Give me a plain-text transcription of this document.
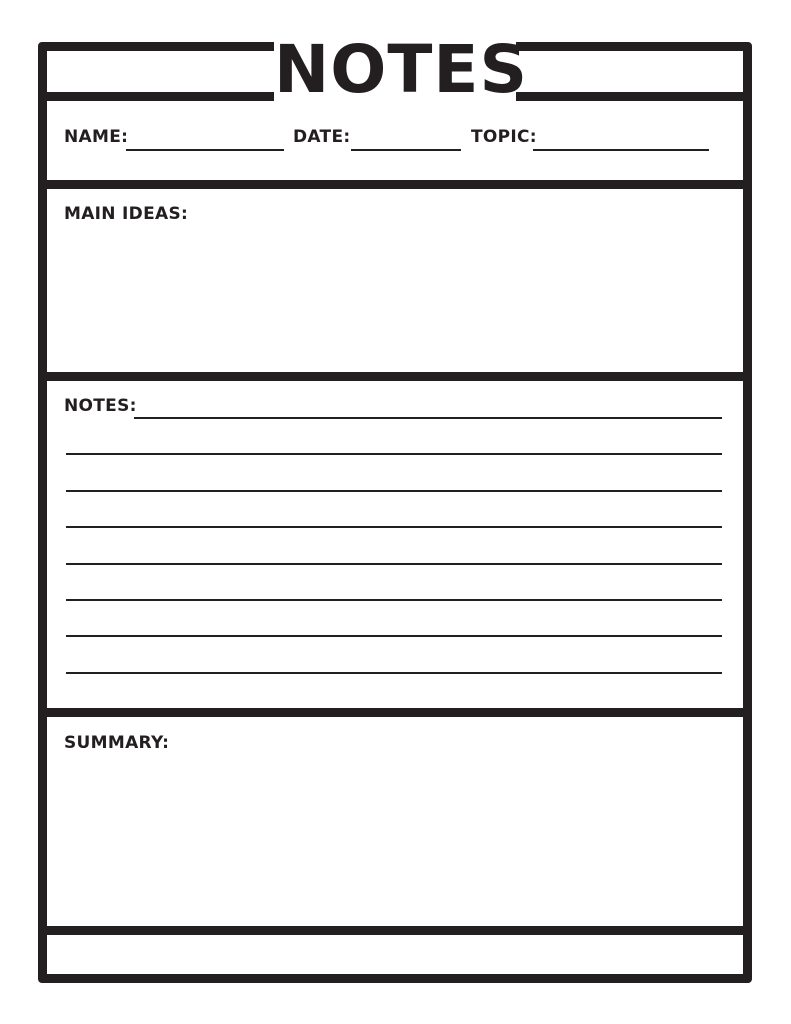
NOTES
NAME:	DATE:	TOPIC:
MAIN IDEAS:
NOTES:
SUMMARY:
